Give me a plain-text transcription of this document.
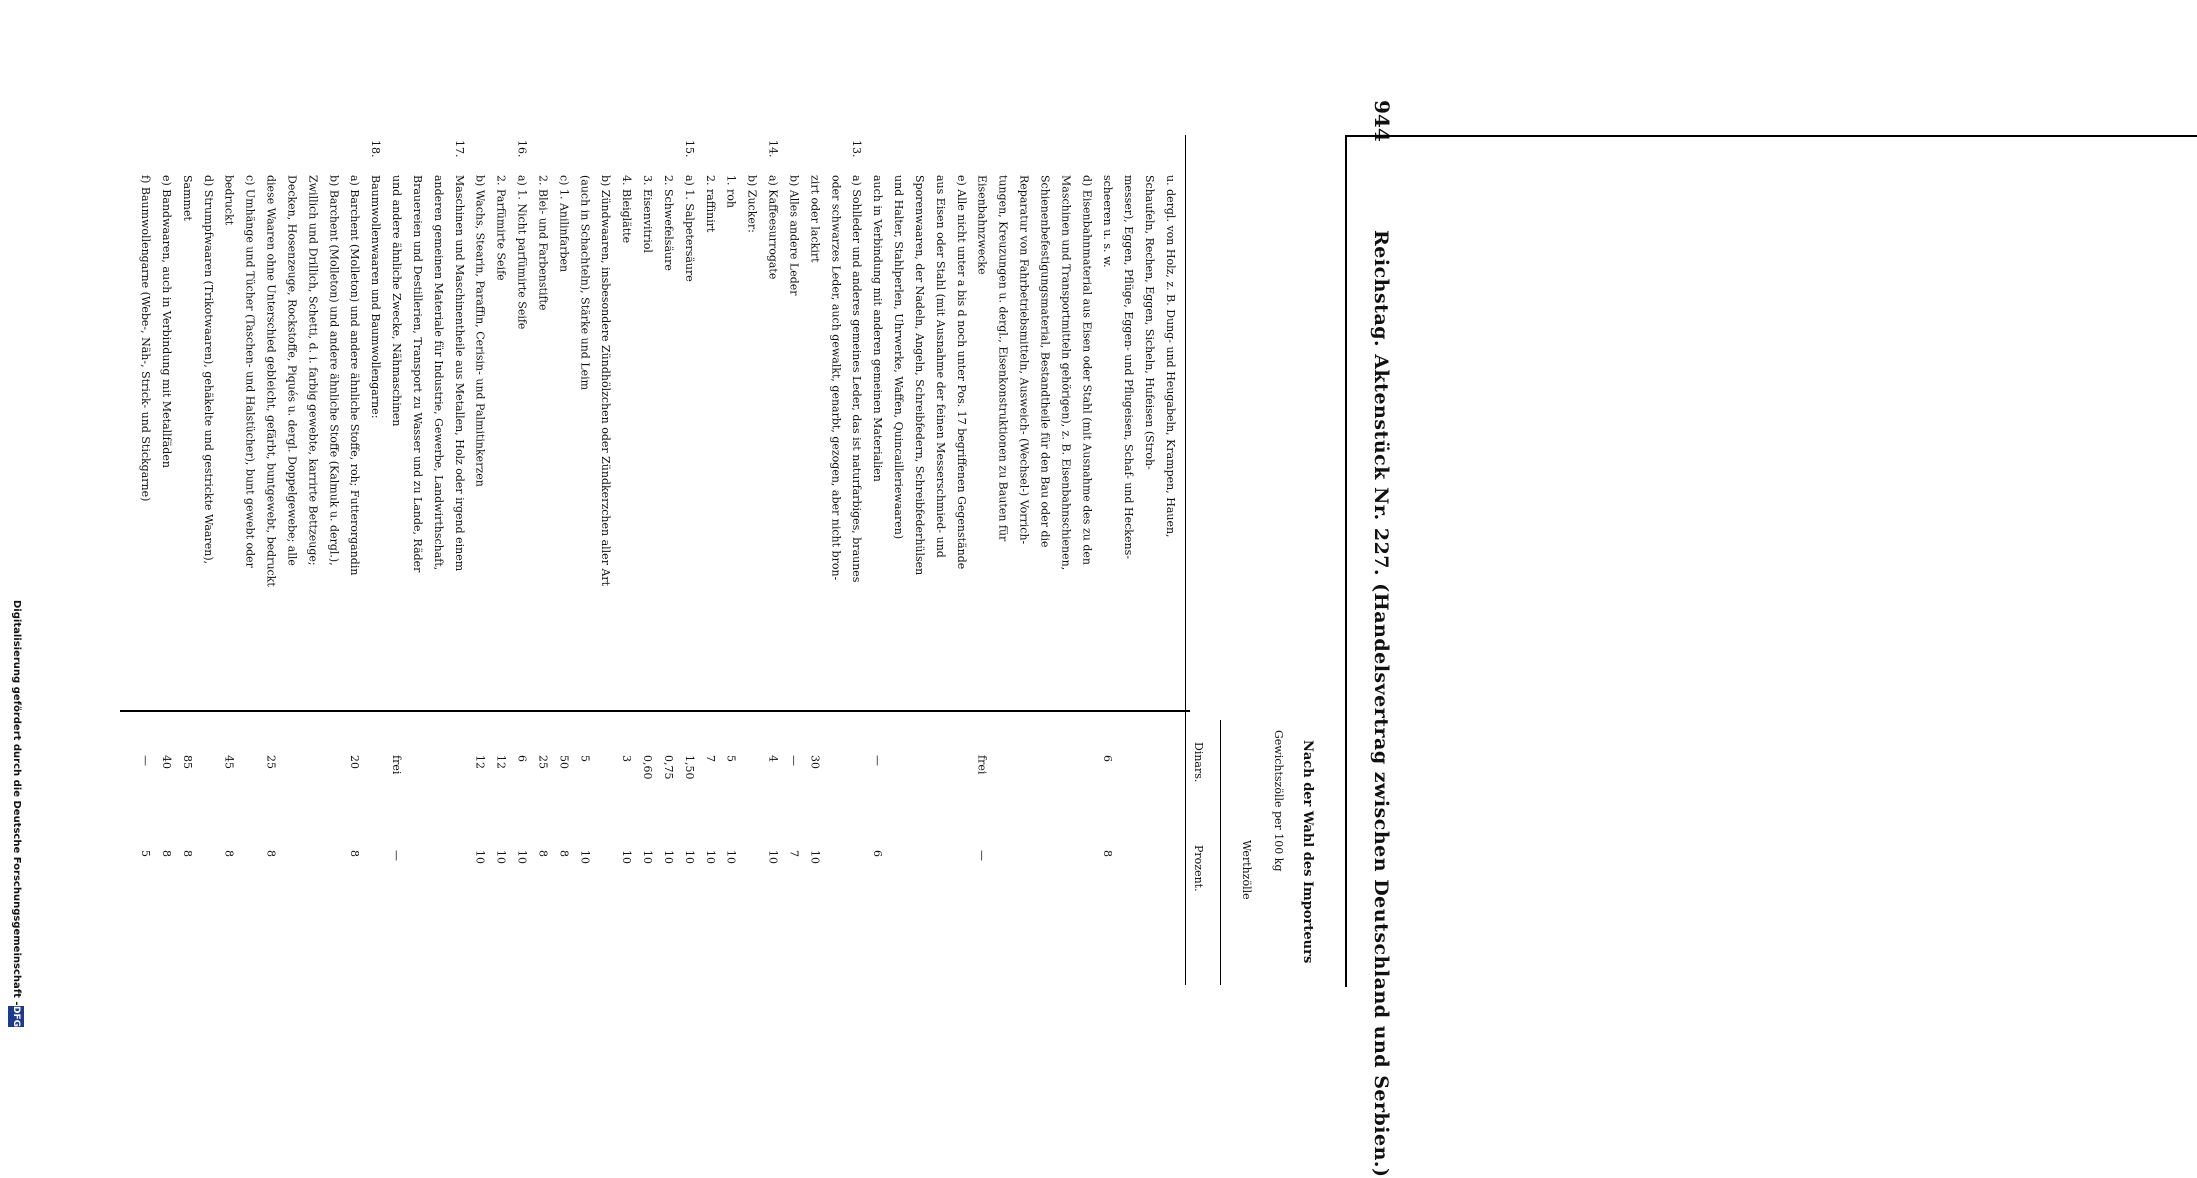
944
Reichstag. Aktenstück Nr. 227. (Handelsvertrag zwischen Deutschland und Serbien.)
Nach der Wahl des Importeurs
u. dergl. von Holz, z. B. Dung- und Heugabeln, Krampen, Hauen,
Schaufeln, Rechen, Eggen, Sicheln, Hufeisen (Stroh-
messer), Eggen, Pflüge, Eggen- und Pflugeisen, Schaf- und Heckens-
scheeren u. s. w.
6
8
d) Eisenbahnmaterial aus Eisen oder Stahl (mit Ausnahme des zu den
Maschinen und Transportmitteln gehörigen), z. B. Eisenbahnschienen,
Schienenbefestigungsmaterial, Bestandtheile für den Bau oder die
Reparatur von Fahrbetriebsmitteln, Ausweich- (Wechsel-) Vorrich-
tungen, Kreuzungen u. dergl., Eisenkonstruktionen zu Bauten für
Eisenbahnzwecke
frei
—
e) Alle nicht unter a bis d noch unter Pos. 17 begriffenen Gegenstände
aus Eisen oder Stahl (mit Ausnahme der feinen Messerschmied- und
Sporenwaaren, der Nadeln, Angeln, Schreibfedern, Schreibfederhülsen
und Halter, Stahlperlen, Uhrwerke, Waffen, Quincailleriewaaren)
auch in Verbindung mit anderen gemeinen Materialien
—
6
13.
a) Sohlleder und anderes gemeines Leder, das ist naturfarbiges, braunes
oder schwarzes Leder, auch gewalkt, genarbt, gezogen, aber nicht bron-
zirt oder lackirt
30
10
b) Alles andere Leder
—
7
14.
a) Kaffeesurrogate
4
10
b) Zucker:
1. roh
5
10
2. raffinirt
7
10
15.
a) 1. Salpetersäure
1,50
10
2. Schwefelsäure
0,75
10
3. Eisenvitriol
0,60
10
4. Bleiglätte
3
10
b) Zündwaaren, insbesondere Zündhölzchen oder Zündkerzchen aller Art
(auch in Schachteln), Stärke und Leim
5
10
c) 1. Anilinfarben
50
8
2. Blei- und Farbenstifte
25
8
16.
a) 1. Nicht parfümirte Seife
6
10
2. Parfümirte Seife
12
10
b) Wachs, Stearin, Paraffin, Cerisin- und Palmitinkerzen
12
10
17.
Maschinen und Maschinentheile aus Metallen, Holz oder irgend einem
anderen gemeinen Materiale für Industrie, Gewerbe, Landwirthschaft,
Brauereien und Destillerien, Transport zu Wasser und zu Lande, Räder
und andere ähnliche Zwecke, Nähmaschinen
frei
—
18.
Baumwollenwaaren und Baumwollengarne:
a) Barchent (Molleton) und andere ähnliche Stoffe, roh; Futterorgandin
20
8
b) Barchent (Molleton) und andere ähnliche Stoffe (Kalmuk u. dergl.),
Zwillich und Drillich, Schetti, d. i. farbig gewebte, karrirte Bettzeuge;
Decken, Hosenzeuge, Rockstoffe, Piqués u. dergl. Doppelgewebe; alle
diese Waaren ohne Unterschied gebleicht, gefärbt, buntgewebt, bedruckt
25
8
c) Umhänge und Tücher (Taschen- und Halstücher), bunt gewebt oder
bedruckt
45
8
d) Strumpfwaaren (Trikotwaaren), gehäkelte und gestrickte Waaren),
Sammet
85
8
e) Bandwaaren, auch in Verbindung mit Metallfäden
40
8
f) Baumwollengarne (Webe-, Näh-, Strick- und Stickgarne)
—
5
Digitalisierung gefördert durch die Deutsche Forschungsgemeinschaft -DFG
Gewichtszölle per 100 kg
Werthzölle
Dinars.
Prozent.
